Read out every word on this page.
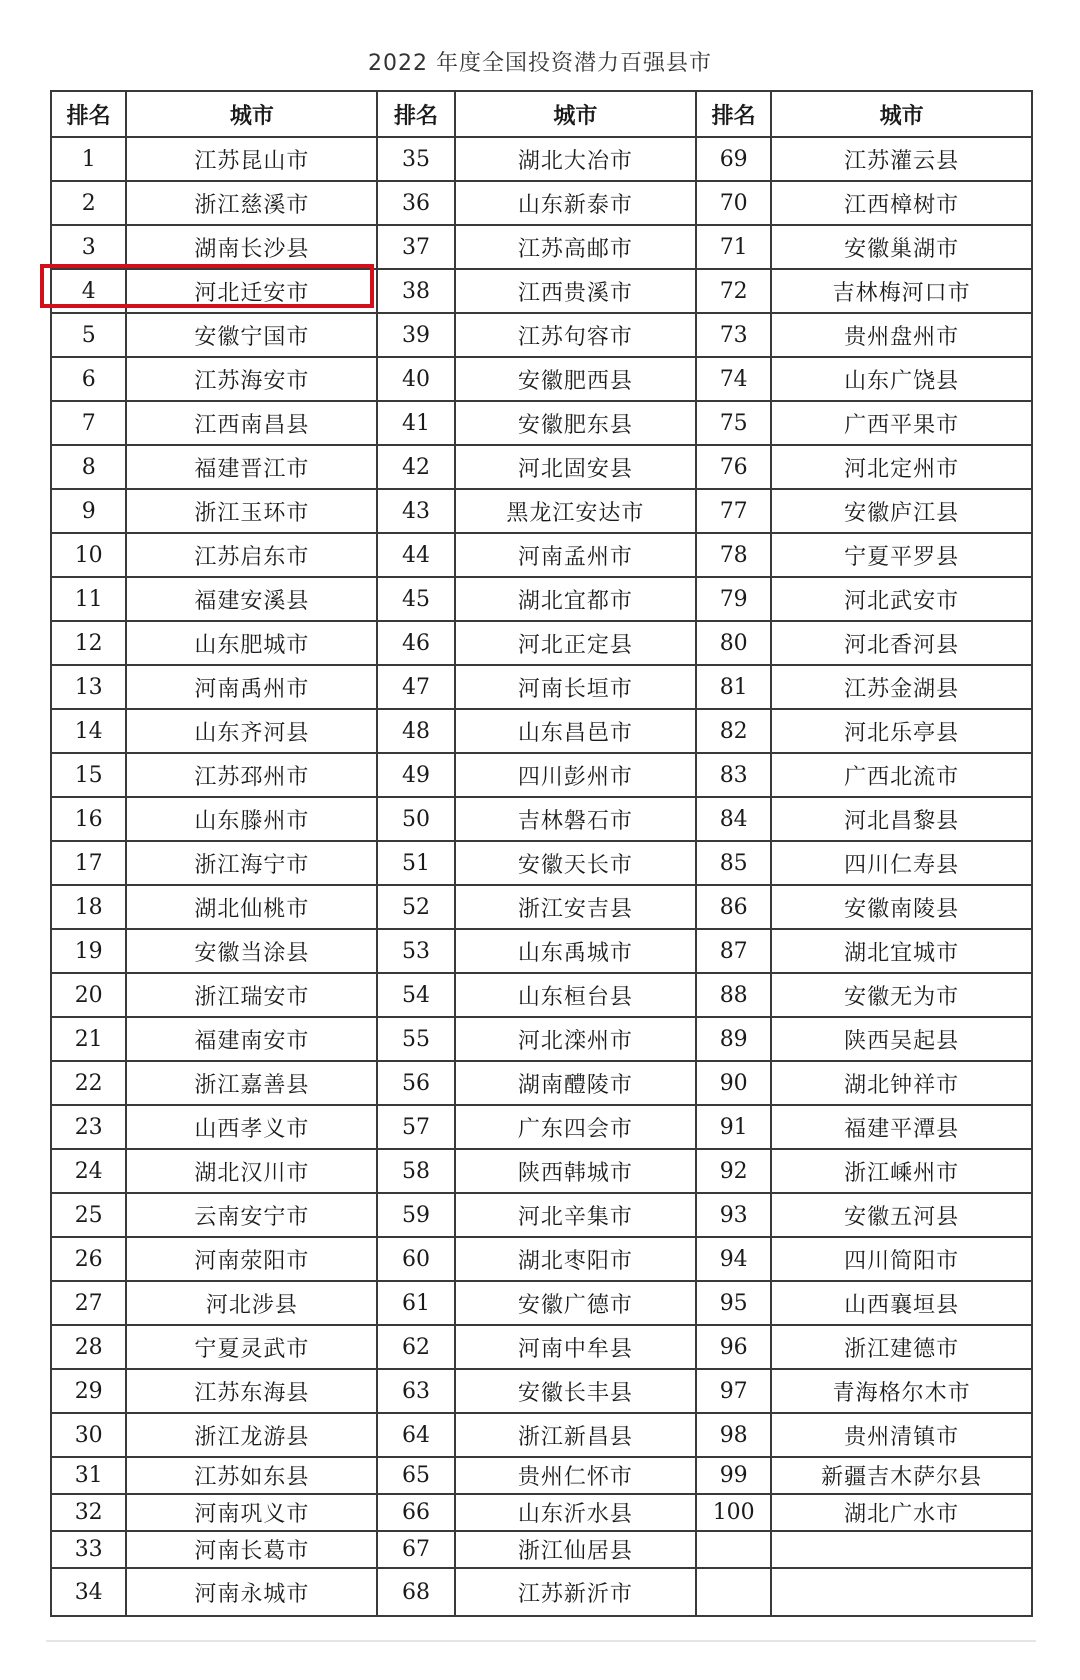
2022 年度全国投资潜力百强县市
排名	城市	排名	城市	排名	城市
1	江苏昆山市	35	湖北大冶市	69	江苏灌云县
2	浙江慈溪市	36	山东新泰市	70	江西樟树市
3	湖南长沙县	37	江苏高邮市	71	安徽巢湖市
4	河北迁安市	38	江西贵溪市	72	吉林梅河口市
5	安徽宁国市	39	江苏句容市	73	贵州盘州市
6	江苏海安市	40	安徽肥西县	74	山东广饶县
7	江西南昌县	41	安徽肥东县	75	广西平果市
8	福建晋江市	42	河北固安县	76	河北定州市
9	浙江玉环市	43	黑龙江安达市	77	安徽庐江县
10	江苏启东市	44	河南孟州市	78	宁夏平罗县
11	福建安溪县	45	湖北宜都市	79	河北武安市
12	山东肥城市	46	河北正定县	80	河北香河县
13	河南禹州市	47	河南长垣市	81	江苏金湖县
14	山东齐河县	48	山东昌邑市	82	河北乐亭县
15	江苏邳州市	49	四川彭州市	83	广西北流市
16	山东滕州市	50	吉林磐石市	84	河北昌黎县
17	浙江海宁市	51	安徽天长市	85	四川仁寿县
18	湖北仙桃市	52	浙江安吉县	86	安徽南陵县
19	安徽当涂县	53	山东禹城市	87	湖北宜城市
20	浙江瑞安市	54	山东桓台县	88	安徽无为市
21	福建南安市	55	河北滦州市	89	陕西吴起县
22	浙江嘉善县	56	湖南醴陵市	90	湖北钟祥市
23	山西孝义市	57	广东四会市	91	福建平潭县
24	湖北汉川市	58	陕西韩城市	92	浙江嵊州市
25	云南安宁市	59	河北辛集市	93	安徽五河县
26	河南荥阳市	60	湖北枣阳市	94	四川简阳市
27	河北涉县	61	安徽广德市	95	山西襄垣县
28	宁夏灵武市	62	河南中牟县	96	浙江建德市
29	江苏东海县	63	安徽长丰县	97	青海格尔木市
30	浙江龙游县	64	浙江新昌县	98	贵州清镇市
31	江苏如东县	65	贵州仁怀市	99	新疆吉木萨尔县
32	河南巩义市	66	山东沂水县	100	湖北广水市
33	河南长葛市	67	浙江仙居县		
34	河南永城市	68	江苏新沂市		
